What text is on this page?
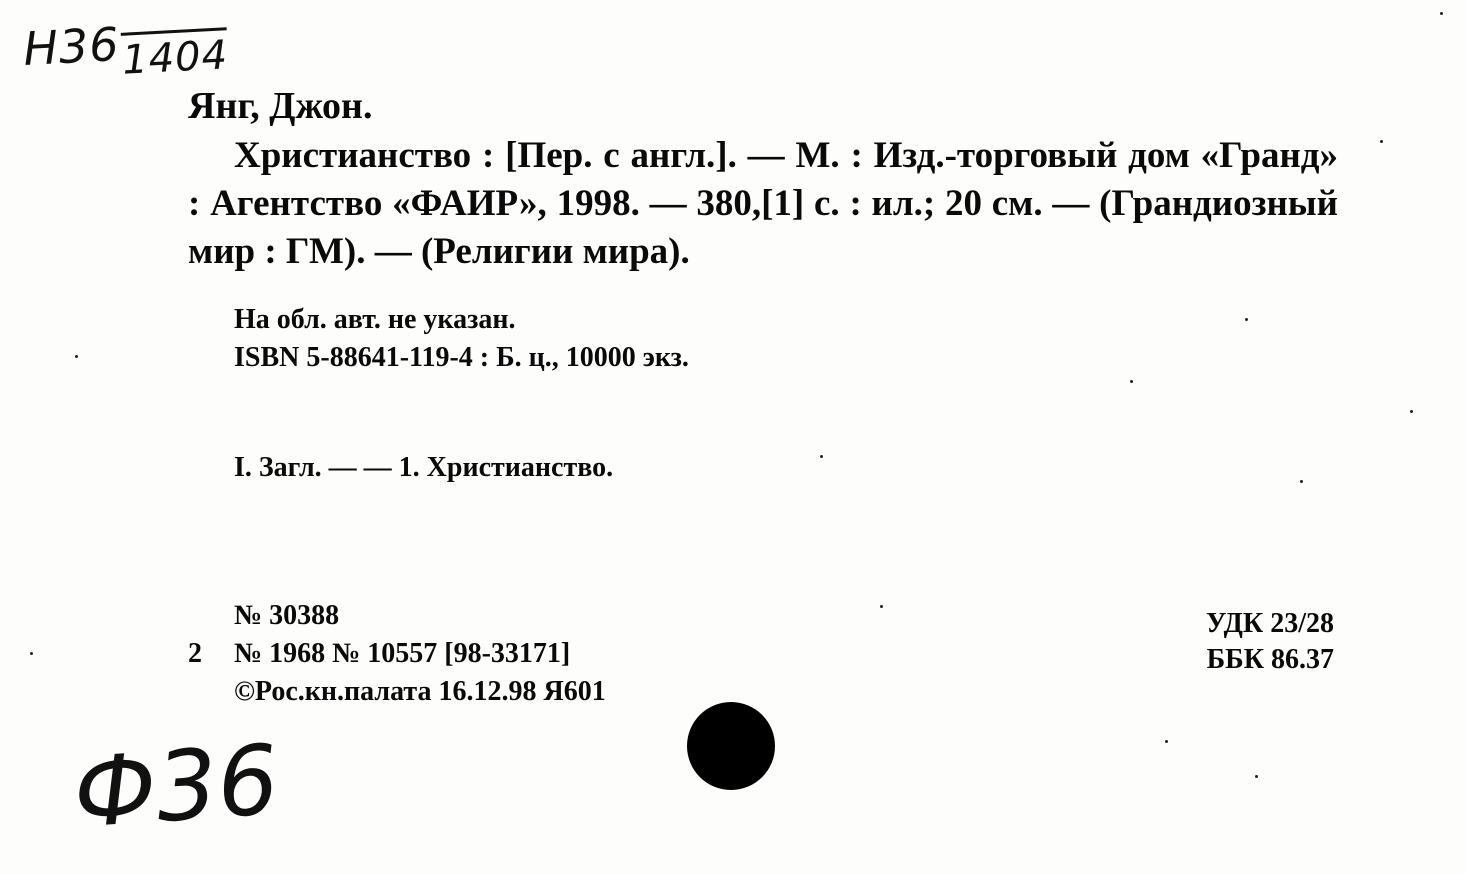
Н361404
Янг, Джон.
Христианство : [Пер. с англ.]. — М. : Изд.-торговый дом «Гранд» : Агентство «ФАИР», 1998. — 380,[1] с. : ил.; 20 см. — (Грандиозный мир : ГМ). — (Религии мира).
На обл. авт. не указан.
ISBN 5-88641-119-4 : Б. ц., 10000 экз.
I. Загл. — — 1. Христианство.
№ 30388
2 № 1968 № 10557 [98-33171]
©Рос.кн.палата 16.12.98 Я601
УДК 23/28
ББК 86.37
Ф36
